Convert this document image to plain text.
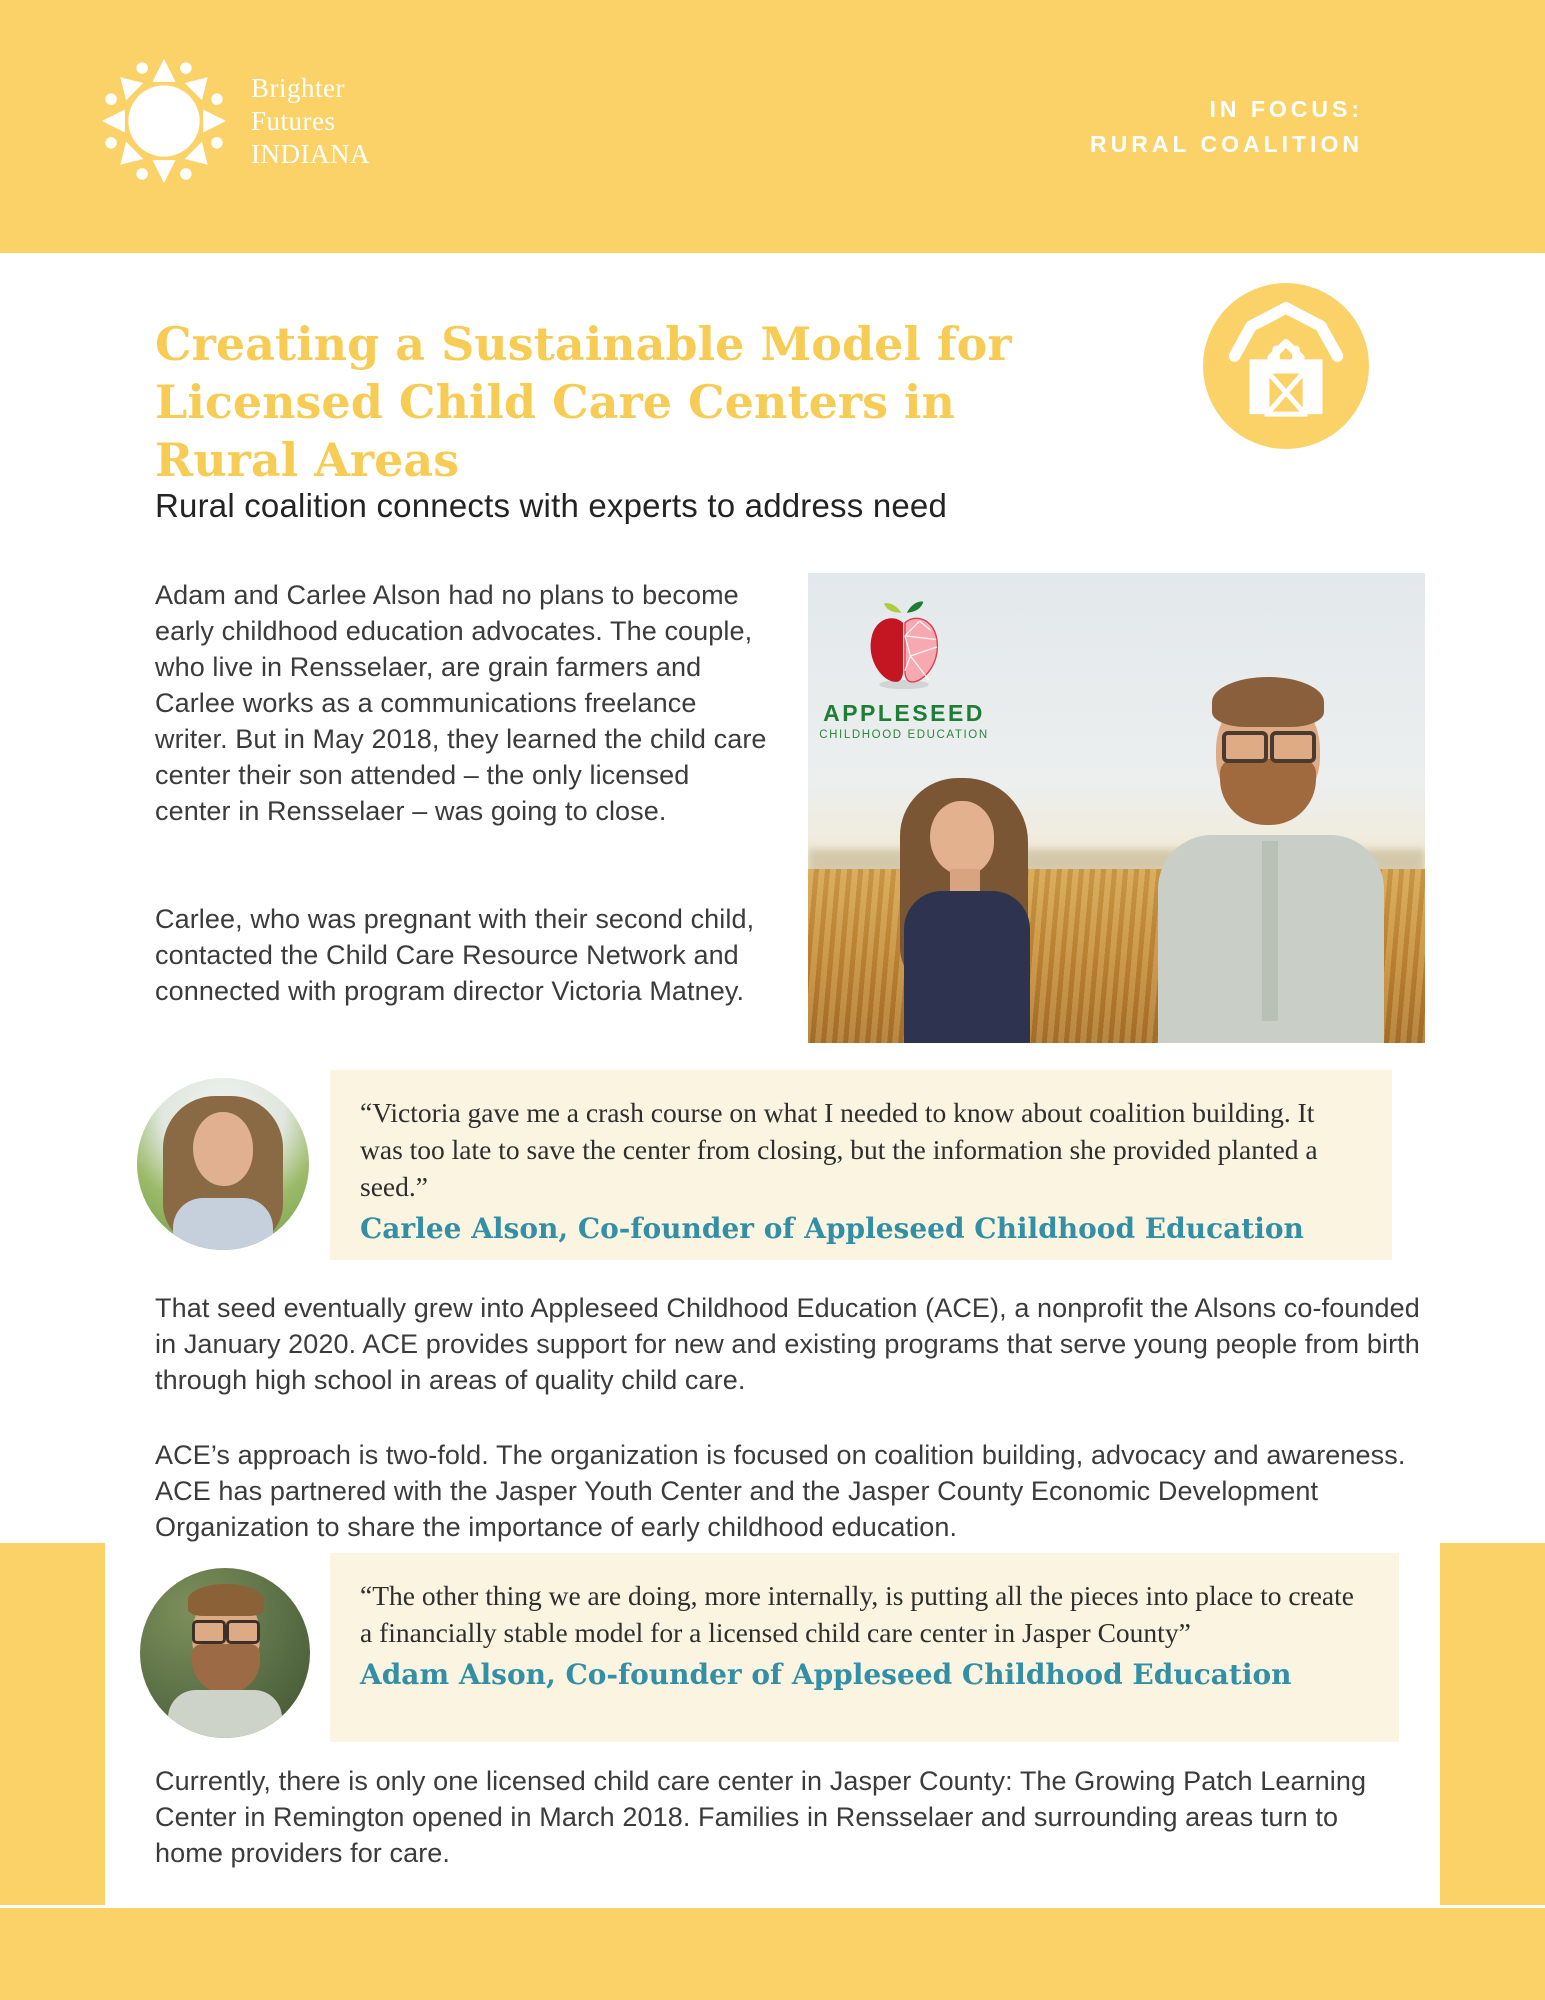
Brighter
Futures
INDIANA
IN FOCUS:
RURAL COALITION
Creating a Sustainable Model for
Licensed Child Care Centers in
Rural Areas
Rural coalition connects with experts to address need
Adam and Carlee Alson had no plans to become early childhood education advocates. The couple, who live in Rensselaer, are grain farmers and Carlee works as a communications freelance writer. But in May 2018, they learned the child care center their son attended – the only licensed center in Rensselaer – was going to close.
Carlee, who was pregnant with their second child, contacted the Child Care Resource Network and connected with program director Victoria Matney.
APPLESEED
CHILDHOOD EDUCATION
“Victoria gave me a crash course on what I needed to know about coalition building. It was too late to save the center from closing, but the information she provided planted a seed.”
Carlee Alson, Co-founder of Appleseed Childhood Education
That seed eventually grew into Appleseed Childhood Education (ACE), a nonprofit the Alsons co-founded in January 2020. ACE provides support for new and existing programs that serve young people from birth through high school in areas of quality child care.
ACE’s approach is two-fold. The organization is focused on coalition building, advocacy and awareness. ACE has partnered with the Jasper Youth Center and the Jasper County Economic Development Organization to share the importance of early childhood education.
“The other thing we are doing, more internally, is putting all the pieces into place to create a financially stable model for a licensed child care center in Jasper County”
Adam Alson, Co-founder of Appleseed Childhood Education
Currently, there is only one licensed child care center in Jasper County: The Growing Patch Learning Center in Remington opened in March 2018. Families in Rensselaer and surrounding areas turn to home providers for care.
